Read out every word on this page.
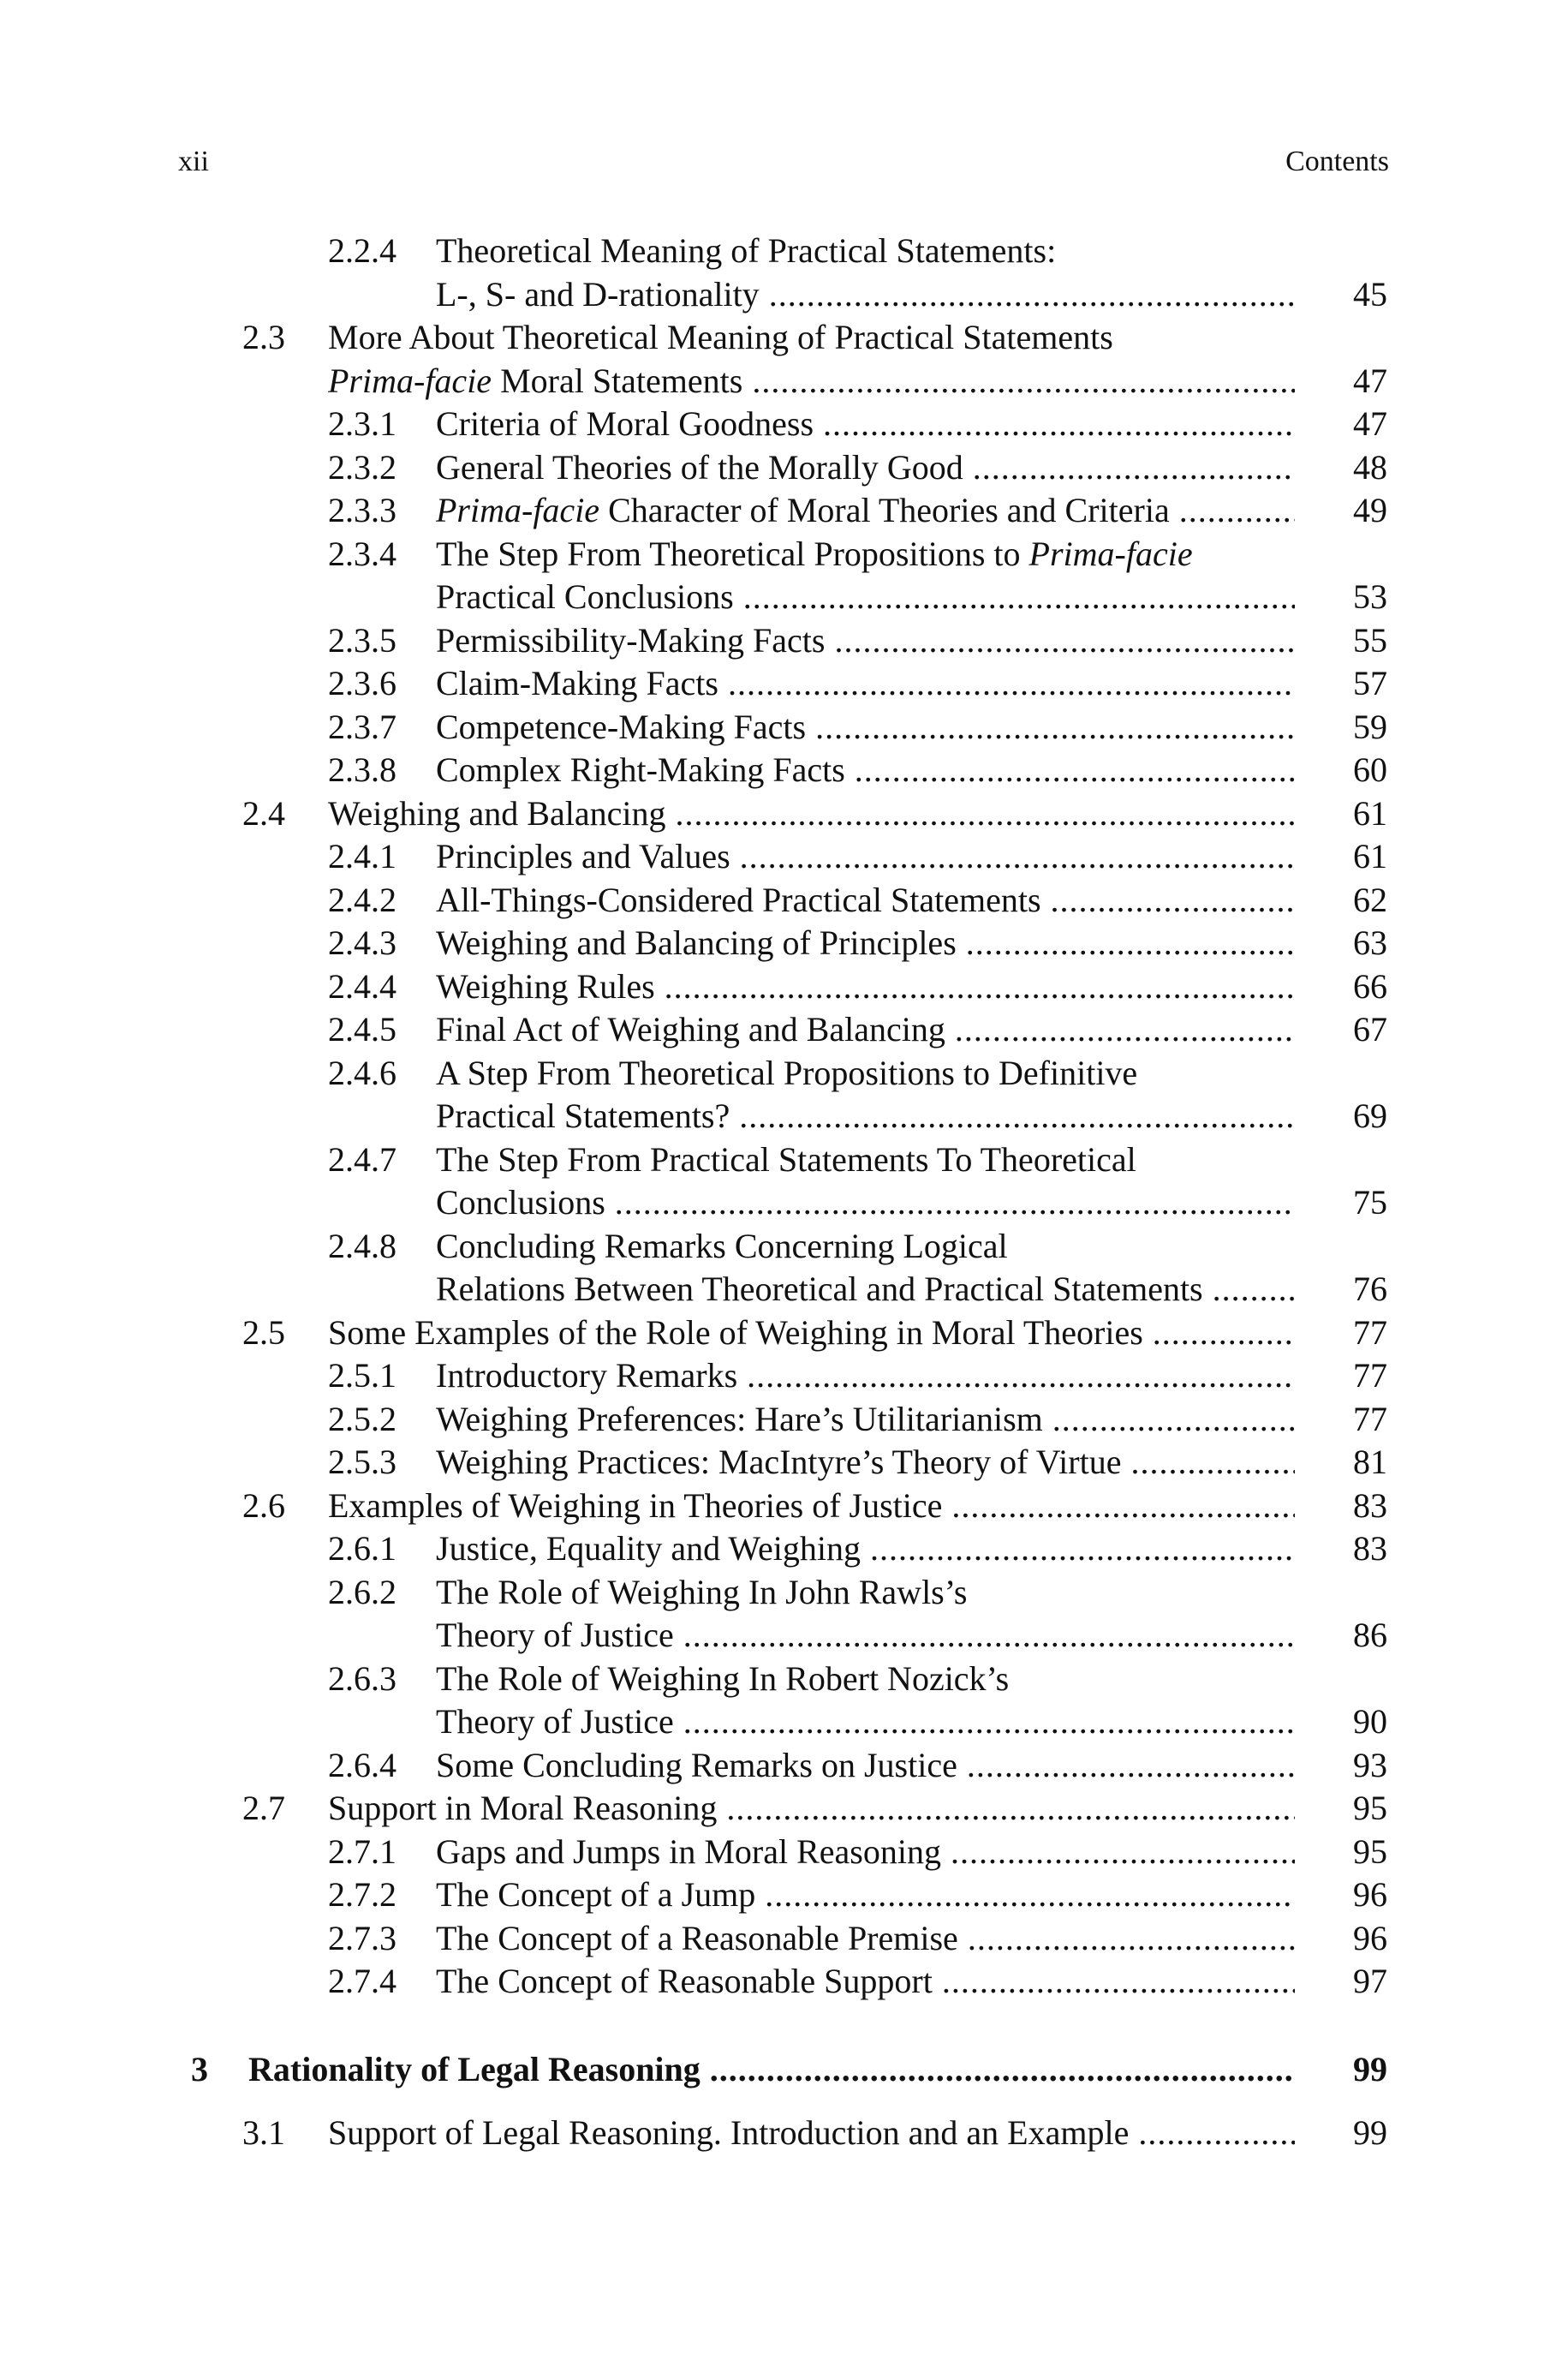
xii	Contents
2.2.4 Theoretical Meaning of Practical Statements:
L-, S- and D-rationality .....	45
2.3 More About Theoretical Meaning of Practical Statements
Prima-facie Moral Statements .....	47
2.3.1 Criteria of Moral Goodness .....	47
2.3.2 General Theories of the Morally Good .....	48
2.3.3 Prima-facie Character of Moral Theories and Criteria .....	49
2.3.4 The Step From Theoretical Propositions to Prima-facie
Practical Conclusions .....	53
2.3.5 Permissibility-Making Facts .....	55
2.3.6 Claim-Making Facts .....	57
2.3.7 Competence-Making Facts .....	59
2.3.8 Complex Right-Making Facts .....	60
2.4 Weighing and Balancing .....	61
2.4.1 Principles and Values .....	61
2.4.2 All-Things-Considered Practical Statements .....	62
2.4.3 Weighing and Balancing of Principles .....	63
2.4.4 Weighing Rules .....	66
2.4.5 Final Act of Weighing and Balancing .....	67
2.4.6 A Step From Theoretical Propositions to Definitive
Practical Statements? .....	69
2.4.7 The Step From Practical Statements To Theoretical
Conclusions .....	75
2.4.8 Concluding Remarks Concerning Logical
Relations Between Theoretical and Practical Statements .....	76
2.5 Some Examples of the Role of Weighing in Moral Theories .....	77
2.5.1 Introductory Remarks .....	77
2.5.2 Weighing Preferences: Hare’s Utilitarianism .....	77
2.5.3 Weighing Practices: MacIntyre’s Theory of Virtue .....	81
2.6 Examples of Weighing in Theories of Justice .....	83
2.6.1 Justice, Equality and Weighing .....	83
2.6.2 The Role of Weighing In John Rawls’s
Theory of Justice .....	86
2.6.3 The Role of Weighing In Robert Nozick’s
Theory of Justice .....	90
2.6.4 Some Concluding Remarks on Justice .....	93
2.7 Support in Moral Reasoning .....	95
2.7.1 Gaps and Jumps in Moral Reasoning .....	95
2.7.2 The Concept of a Jump .....	96
2.7.3 The Concept of a Reasonable Premise .....	96
2.7.4 The Concept of Reasonable Support .....	97
3 Rationality of Legal Reasoning .....	99
3.1 Support of Legal Reasoning. Introduction and an Example .....	99
